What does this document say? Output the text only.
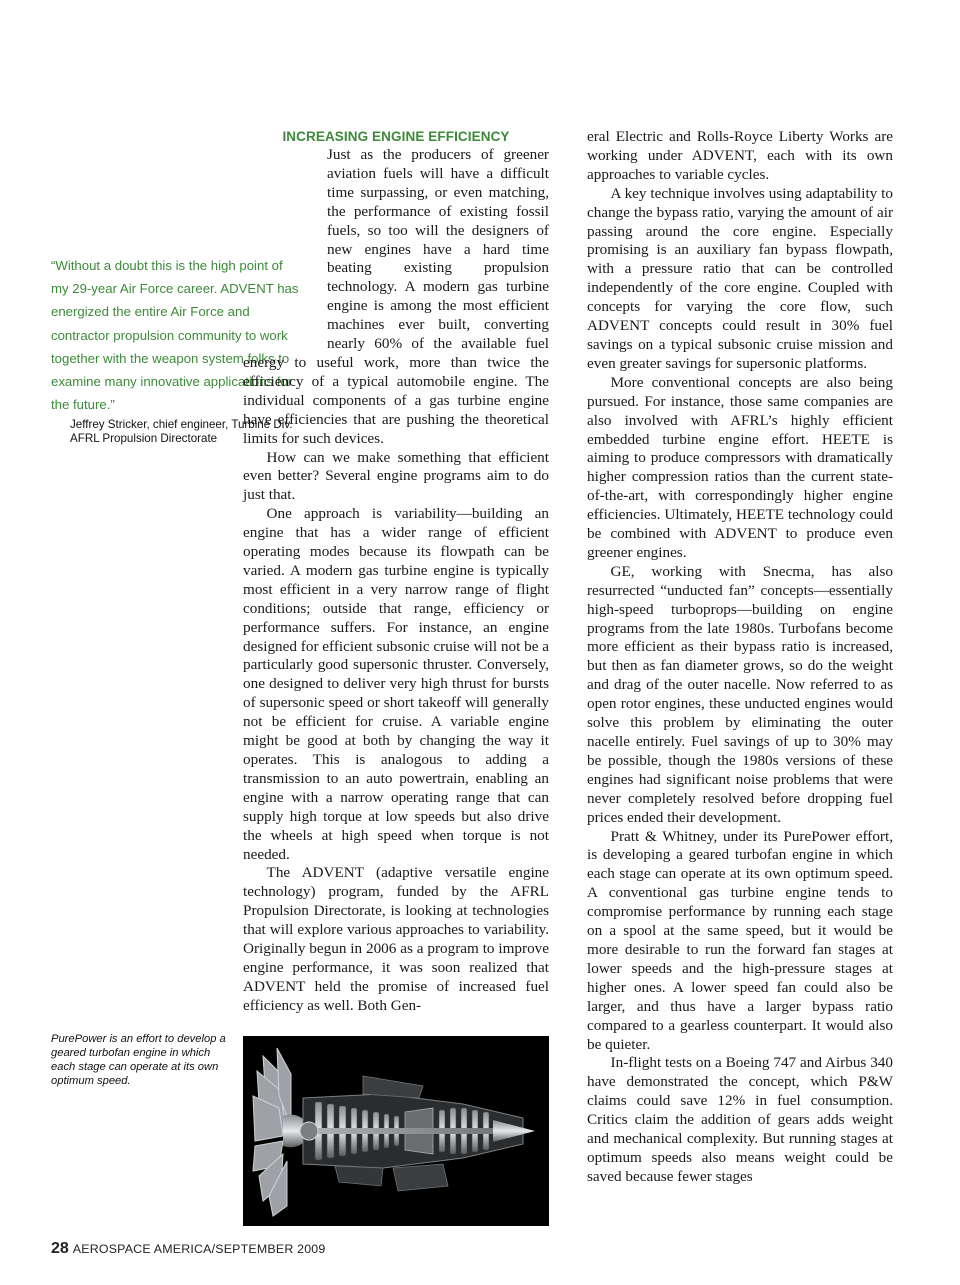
“Without a doubt this is the high point of my 29-year Air Force career. ADVENT has energized the entire Air Force and contractor propulsion community to work together with the weapon system folks to examine many innovative applications for the future.”
Jeffrey Stricker, chief engineer, Turbine Div.
AFRL Propulsion Directorate
INCREASING ENGINE EFFICIENCY

Just as the producers of greener aviation fuels will have a difficult time surpassing, or even matching, the performance of existing fossil fuels, so too will the designers of new engines have a hard time beating existing propulsion technology. A modern gas turbine engine is among the most efficient machines ever built, converting nearly 60% of the available fuel energy to useful work, more than twice the efficiency of a typical automobile engine. The individual components of a gas turbine engine have efficiencies that are pushing the theoretical limits for such devices.

How can we make something that efficient even better? Several engine programs aim to do just that.

One approach is variability—building an engine that has a wider range of efficient operating modes because its flowpath can be varied. A modern gas turbine engine is typically most efficient in a very narrow range of flight conditions; outside that range, efficiency or performance suffers. For instance, an engine designed for efficient subsonic cruise will not be a particularly good supersonic thruster. Conversely, one designed to deliver very high thrust for bursts of supersonic speed or short takeoff will generally not be efficient for cruise. A variable engine might be good at both by changing the way it operates. This is analogous to adding a transmission to an auto powertrain, enabling an engine with a narrow operating range that can supply high torque at low speeds but also drive the wheels at high speed when torque is not needed.

The ADVENT (adaptive versatile engine technology) program, funded by the AFRL Propulsion Directorate, is looking at technologies that will explore various approaches to variability. Originally begun in 2006 as a program to improve engine performance, it was soon realized that ADVENT held the promise of increased fuel efficiency as well. Both Gen-

eral Electric and Rolls-Royce Liberty Works are working under ADVENT, each with its own approaches to variable cycles.

A key technique involves using adaptability to change the bypass ratio, varying the amount of air passing around the core engine. Especially promising is an auxiliary fan bypass flowpath, with a pressure ratio that can be controlled independently of the core engine. Coupled with concepts for varying the core flow, such ADVENT concepts could result in 30% fuel savings on a typical subsonic cruise mission and even greater savings for supersonic platforms.

More conventional concepts are also being pursued. For instance, those same companies are also involved with AFRL’s highly efficient embedded turbine engine effort. HEETE is aiming to produce compressors with dramatically higher compression ratios than the current state-of-the-art, with correspondingly higher engine efficiencies. Ultimately, HEETE technology could be combined with ADVENT to produce even greener engines.

GE, working with Snecma, has also resurrected “unducted fan” concepts—essentially high-speed turboprops—building on engine programs from the late 1980s. Turbofans become more efficient as their bypass ratio is increased, but then as fan diameter grows, so do the weight and drag of the outer nacelle. Now referred to as open rotor engines, these unducted engines would solve this problem by eliminating the outer nacelle entirely. Fuel savings of up to 30% may be possible, though the 1980s versions of these engines had significant noise problems that were never completely resolved before dropping fuel prices ended their development.

Pratt & Whitney, under its PurePower effort, is developing a geared turbofan engine in which each stage can operate at its own optimum speed. A conventional gas turbine engine tends to compromise performance by running each stage on a spool at the same speed, but it would be more desirable to run the forward fan stages at lower speeds and the high-pressure stages at higher ones. A lower speed fan could also be larger, and thus have a larger bypass ratio compared to a gearless counterpart. It would also be quieter.

In-flight tests on a Boeing 747 and Airbus 340 have demonstrated the concept, which P&W claims could save 12% in fuel consumption. Critics claim the addition of gears adds weight and mechanical complexity. But running stages at optimum speeds also means weight could be saved because fewer stages

PurePower is an effort to develop a geared turbofan engine in which each stage can operate at its own optimum speed.
28 AEROSPACE AMERICA/SEPTEMBER 2009
